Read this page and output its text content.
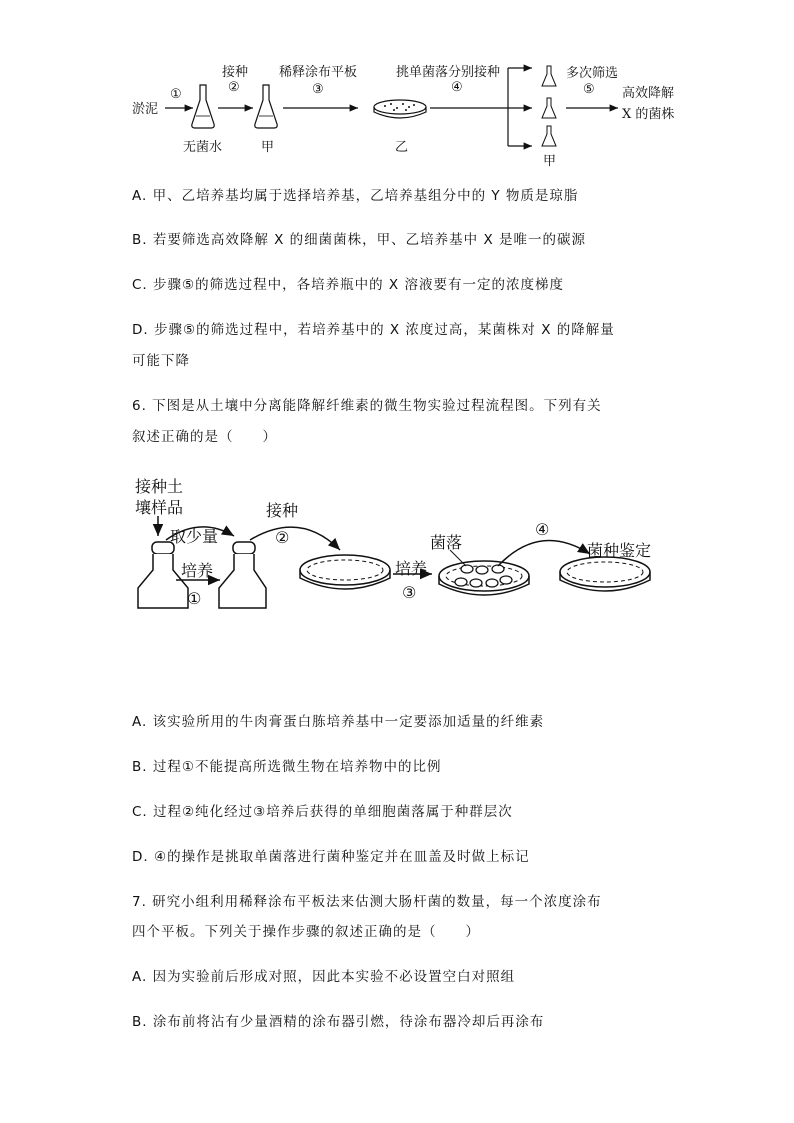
淤泥
①
接种
②
稀释涂布平板
③
挑单菌落分别接种
④
多次筛选
⑤ 高效降解
X 的菌株
无菌水	甲	乙
甲
A. 甲、乙培养基均属于选择培养基，乙培养基组分中的 Y 物质是琼脂
B. 若要筛选高效降解 X 的细菌菌株，甲、乙培养基中 X 是唯一的碳源
C. 步骤⑤的筛选过程中，各培养瓶中的 X 溶液要有一定的浓度梯度
D. 步骤⑤的筛选过程中，若培养基中的 X 浓度过高，某菌株对 X 的降解量
可能下降
6. 下图是从土壤中分离能降解纤维素的微生物实验过程流程图。下列有关
叙述正确的是（　　）
接种土
壤样品
取少量
接种
②
培养
①
菌落
④
菌种鉴定
培养
③
A. 该实验所用的牛肉膏蛋白胨培养基中一定要添加适量的纤维素
B. 过程①不能提高所选微生物在培养物中的比例
C. 过程②纯化经过③培养后获得的单细胞菌落属于种群层次
D. ④的操作是挑取单菌落进行菌种鉴定并在皿盖及时做上标记
7. 研究小组利用稀释涂布平板法来估测大肠杆菌的数量，每一个浓度涂布
四个平板。下列关于操作步骤的叙述正确的是（　　）
A. 因为实验前后形成对照，因此本实验不必设置空白对照组
B. 涂布前将沾有少量酒精的涂布器引燃，待涂布器冷却后再涂布
